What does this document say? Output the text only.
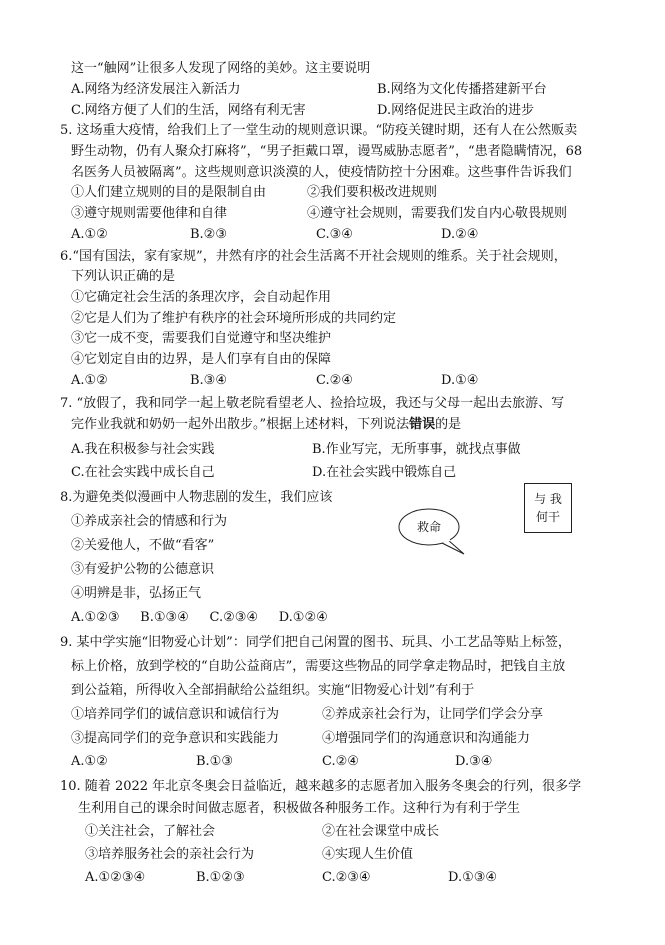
这一“触网”让很多人发现了网络的美妙。这主要说明
A.网络为经济发展注入新活力	B.网络为文化传播搭建新平台
C.网络方便了人们的生活，网络有利无害	D.网络促进民主政治的进步
5. 这场重大疫情，给我们上了一堂生动的规则意识课。“防疫关键时期，还有人在公然贩卖
野生动物，仍有人聚众打麻将”，“男子拒戴口罩，谩骂威胁志愿者”，“患者隐瞒情况，68
名医务人员被隔离”。这些规则意识淡漠的人，使疫情防控十分困难。这些事件告诉我们
①人们建立规则的目的是限制自由	②我们要积极改进规则
③遵守规则需要他律和自律	④遵守社会规则，需要我们发自内心敬畏规则
A.①②	B.②③	C.③④	D.②④
6.“国有国法，家有家规”，井然有序的社会生活离不开社会规则的维系。关于社会规则，
下列认识正确的是
①它确定社会生活的条理次序，会自动起作用
②它是人们为了维护有秩序的社会环境所形成的共同约定
③它一成不变，需要我们自觉遵守和坚决维护
④它划定自由的边界，是人们享有自由的保障
A.①②	B.③④	C.②④	D.①④
7. “放假了，我和同学一起上敬老院看望老人、捡拾垃圾，我还与父母一起出去旅游、写
完作业我就和奶奶一起外出散步。”根据上述材料，下列说法错误的是
A.我在积极参与社会实践	B.作业写完，无所事事，就找点事做
C.在社会实践中成长自己	D.在社会实践中锻炼自己
8.为避免类似漫画中人物悲剧的发生，我们应该
①养成亲社会的情感和行为
②关爱他人，不做“看客”
③有爱护公物的公德意识
④明辨是非，弘扬正气
A.①②③     B.①③④     C.②③④     D.①②④
救命
与 我
何干
9. 某中学实施“旧物爱心计划”：同学们把自己闲置的图书、玩具、小工艺品等贴上标签，
标上价格，放到学校的“自助公益商店”，需要这些物品的同学拿走物品时，把钱自主放
到公益箱，所得收入全部捐献给公益组织。实施“旧物爱心计划”有利于
①培养同学们的诚信意识和诚信行为	②养成亲社会行为，让同学们学会分享
③提高同学们的竞争意识和实践能力	④增强同学们的沟通意识和沟通能力
A.①②	B.①③	C.②④	D.③④
10. 随着 2022 年北京冬奥会日益临近，越来越多的志愿者加入服务冬奥会的行列，很多学
生利用自己的课余时间做志愿者，积极做各种服务工作。这种行为有利于学生
①关注社会，了解社会	②在社会课堂中成长
③培养服务社会的亲社会行为	④实现人生价值
A.①②③④	B.①②③	C.②③④	D.①③④
